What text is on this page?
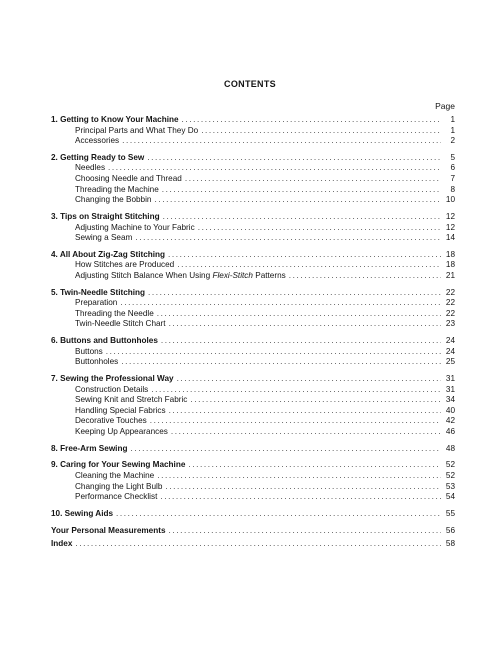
CONTENTS
Page
1. Getting to Know Your Machine .....	1
Principal Parts and What They Do .....	1
Accessories .....	2
2. Getting Ready to Sew .....	5
Needles .....	6
Choosing Needle and Thread .....	7
Threading the Machine .....	8
Changing the Bobbin .....	10
3. Tips on Straight Stitching .....	12
Adjusting Machine to Your Fabric .....	12
Sewing a Seam .....	14
4. All About Zig-Zag Stitching .....	18
How Stitches are Produced .....	18
Adjusting Stitch Balance When Using Flexi-Stitch Patterns .....	21
5. Twin-Needle Stitching .....	22
Preparation .....	22
Threading the Needle .....	22
Twin-Needle Stitch Chart .....	23
6. Buttons and Buttonholes .....	24
Buttons .....	24
Buttonholes .....	25
7. Sewing the Professional Way .....	31
Construction Details .....	31
Sewing Knit and Stretch Fabric .....	34
Handling Special Fabrics .....	40
Decorative Touches .....	42
Keeping Up Appearances .....	46
8. Free-Arm Sewing .....	48
9. Caring for Your Sewing Machine .....	52
Cleaning the Machine .....	52
Changing the Light Bulb .....	53
Performance Checklist .....	54
10. Sewing Aids .....	55
Your Personal Measurements .....	56
Index .....	58
